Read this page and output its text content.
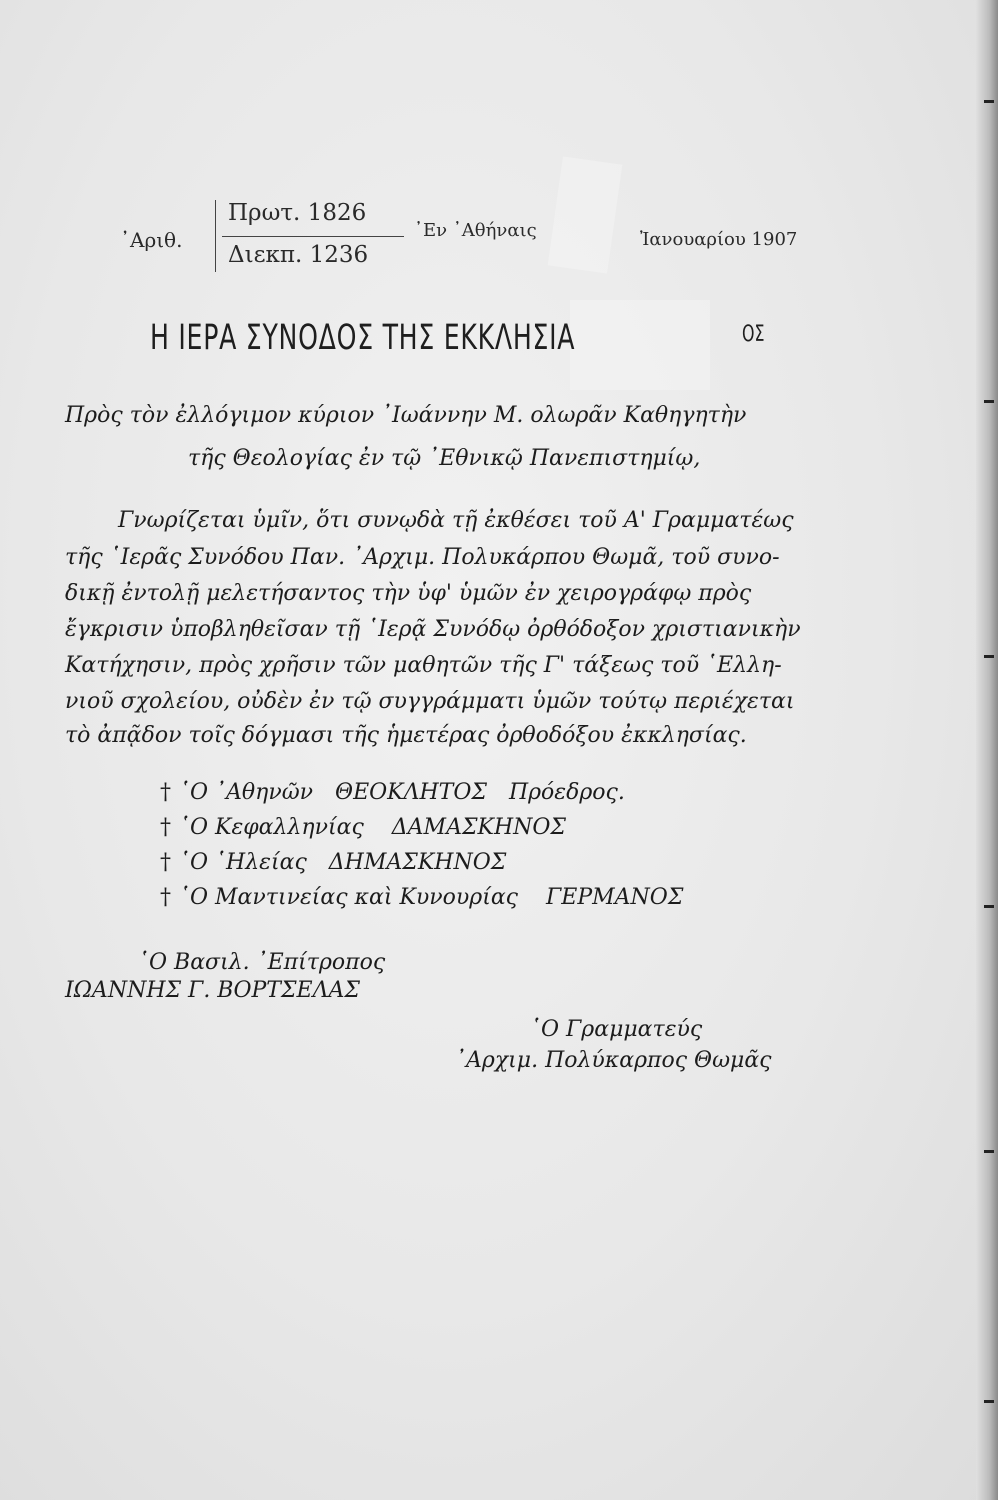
᾿Αριθ.
Πρωτ. 1826
Διεκπ. 1236
᾿Εν ᾿Αθήναις	Ἰανουαρίου 1907
Η ΙΕΡΑ ΣΥΝΟΔΟΣ ΤΗΣ ΕΚΚΛΗΣΙΑ	ΟΣ
Πρὸς τὸν ἐλλόγιμον κύριον ᾿Ιωάννην Μ. ολωρᾶν Καθηγητὴν
τῆς Θεολογίας ἐν τῷ ᾿Εθνικῷ Πανεπιστημίῳ,
Γνωρίζεται ὑμῖν, ὅτι συνῳδὰ τῇ ἐκθέσει τοῦ Α' Γραμματέως
τῆς ῾Ιερᾶς Συνόδου Παν. ᾿Αρχιμ. Πολυκάρπου Θωμᾶ, τοῦ συνο-
δικῇ ἐντολῇ μελετήσαντος τὴν ὑφ' ὑμῶν ἐν χειρογράφῳ πρὸς
ἔγκρισιν ὑποβληθεῖσαν τῇ ῾Ιερᾷ Συνόδῳ ὀρθόδοξον χριστιανικὴν
Κατήχησιν, πρὸς χρῆσιν τῶν μαθητῶν τῆς Γ' τάξεως τοῦ ῾Ελλη-
νιοῦ σχολείου, οὐδὲν ἐν τῷ συγγράμματι ὑμῶν τούτῳ περιέχεται
τὸ ἀπᾷδον τοῖς δόγμασι τῆς ἡμετέρας ὀρθοδόξου ἐκκλησίας.
† ῾Ο ᾿Αθηνῶν ΘΕΟΚΛΗΤΟΣ Πρόεδρος.
† ῾Ο Κεφαλληνίας ΔΑΜΑΣΚΗΝΟΣ
† ῾Ο ῾Ηλείας ΔΗΜΑΣΚΗΝΟΣ
† ῾Ο Μαντινείας καὶ Κυνουρίας ΓΕΡΜΑΝΟΣ
῾Ο Βασιλ. ᾿Επίτροπος
ΙΩΑΝΝΗΣ Γ. ΒΟΡΤΣΕΛΑΣ
῾Ο Γραμματεύς
᾿Αρχιμ. Πολύκαρπος Θωμᾶς
